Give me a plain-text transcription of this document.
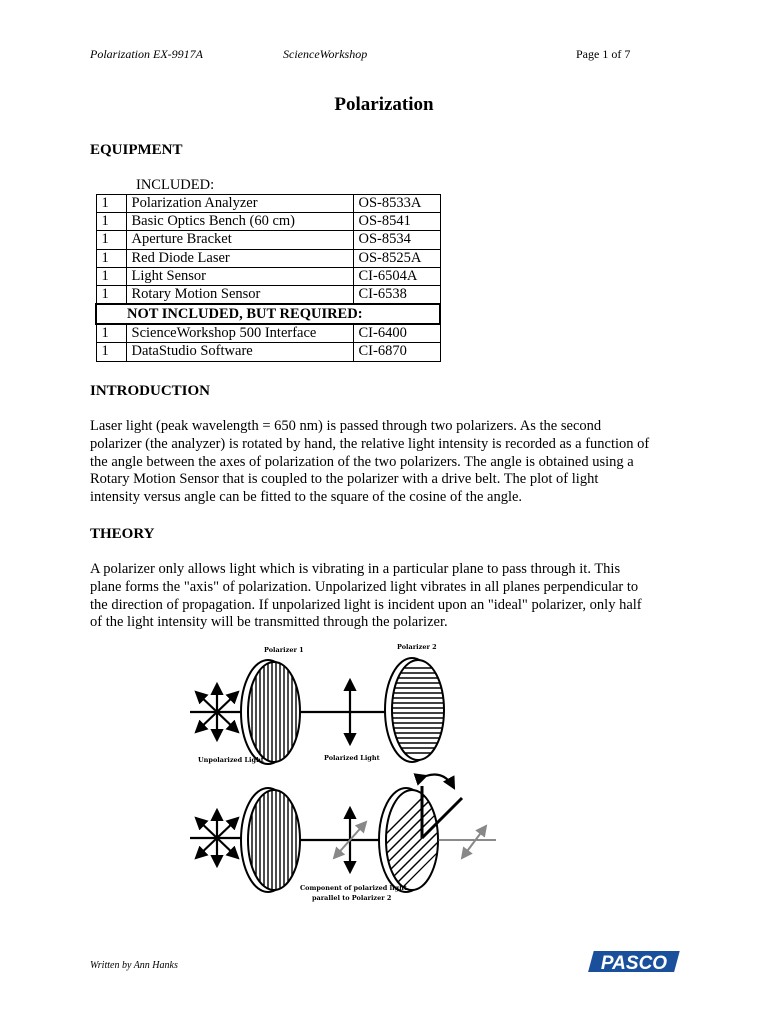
Polarization EX-9917A	ScienceWorkshop	Page 1 of 7
Polarization
EQUIPMENT
INCLUDED:
1	Polarization Analyzer	OS-8533A
1	Basic Optics Bench (60 cm)	OS-8541
1	Aperture Bracket	OS-8534
1	Red Diode Laser	OS-8525A
1	Light Sensor	CI-6504A
1	Rotary Motion Sensor	CI-6538
NOT INCLUDED, BUT REQUIRED:		
1	ScienceWorkshop 500 Interface	CI-6400
1	DataStudio Software	CI-6870
INTRODUCTION
Laser light (peak wavelength = 650 nm) is passed through two polarizers. As the second
polarizer (the analyzer) is rotated by hand, the relative light intensity is recorded as a function of
the angle between the axes of polarization of the two polarizers. The angle is obtained using a
Rotary Motion Sensor that is coupled to the polarizer with a drive belt. The plot of light
intensity versus angle can be fitted to the square of the cosine of the angle.
THEORY
A polarizer only allows light which is vibrating in a particular plane to pass through it. This
plane forms the "axis" of polarization. Unpolarized light vibrates in all planes perpendicular to
the direction of propagation. If unpolarized light is incident upon an "ideal" polarizer, only half
of the light intensity will be transmitted through the polarizer.
Polarizer 1	Polarizer 2
Unpolarized Light	Polarized Light
Component of polarized light
parallel to Polarizer 2
Written by Ann Hanks	PASCO
